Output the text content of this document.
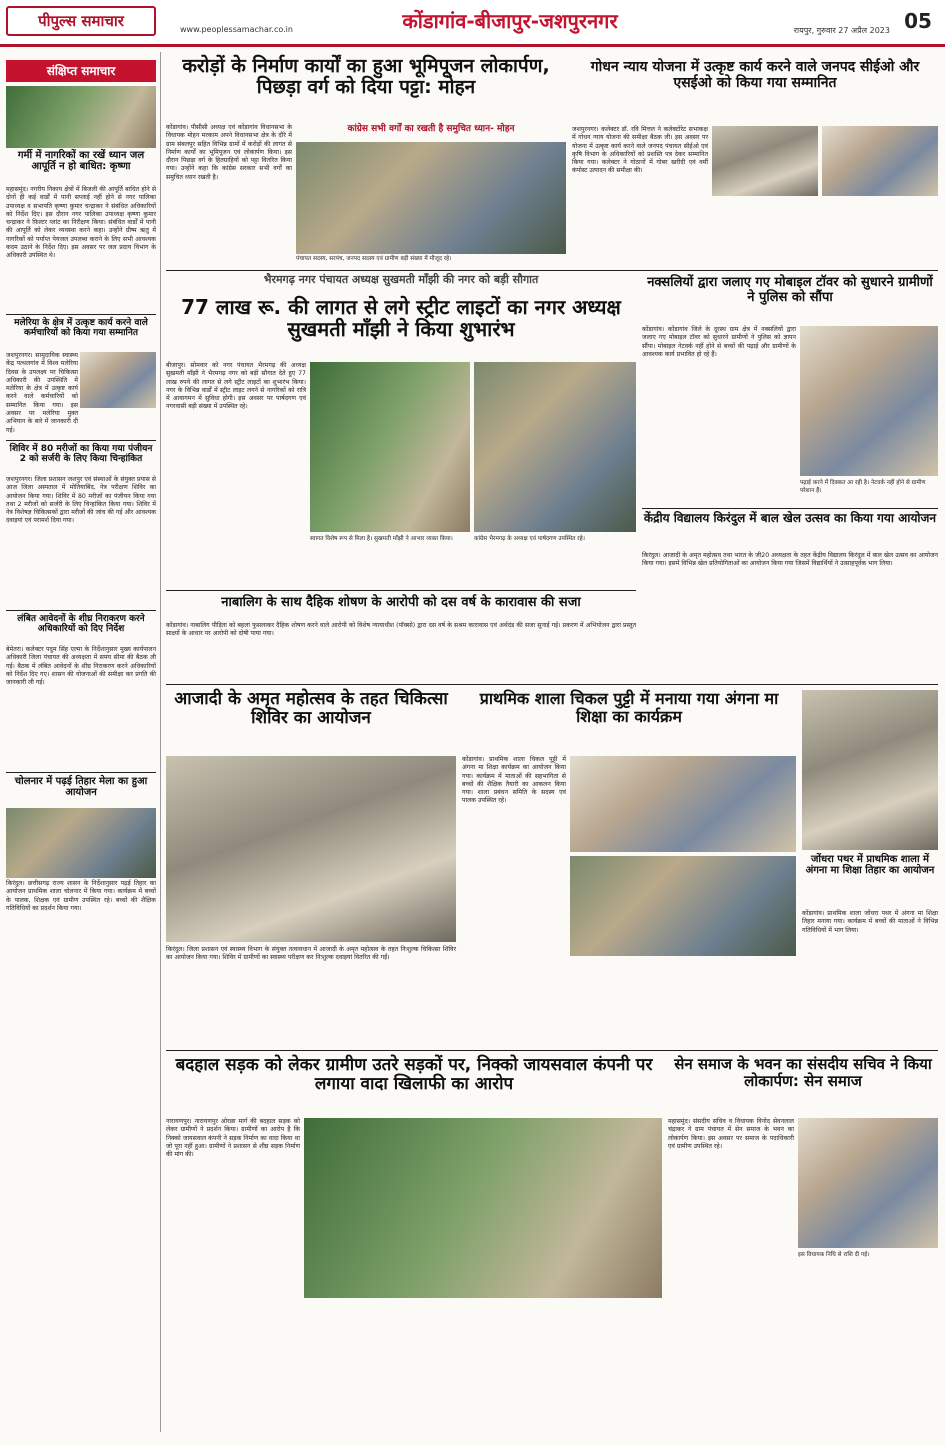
पीपुल्स समाचार	www.peoplessamachar.co.in	कोंडागांव-बीजापुर-जशपुरनगर	रायपुर, गुरुवार 27 अप्रैल 2023 05
संक्षिप्त समाचार
गर्मी में नागरिकों का रखें ध्यान जल आपूर्ति न हो बाधित: कृष्णा
महासमुंद। नगरीय निकाय क्षेत्रों में बिजली की आपूर्ति बाधित होने से दोनों ही कई वार्डों में पानी सप्लाई नहीं होने से नगर पालिका उपाध्यक्ष व सभापति कृष्णा कुमार चन्द्राकर ने संबंधित अधिकारियों को निर्देश दिए। इस दौरान नगर पालिका उपाध्यक्ष कृष्णा कुमार चन्द्राकर ने फ़िल्टर प्लांट का निरीक्षण किया। संबंधित वार्डों में पानी की आपूर्ति को लेकर व्यवस्था करने कहा। उन्होंने ग्रीष्म ऋतु में नागरिकों को पर्याप्त पेयजल उपलब्ध कराने के लिए सभी आवश्यक कदम उठाने के निर्देश दिए। इस अवसर पर जल प्रदाय विभाग के अधिकारी उपस्थित थे।
मलेरिया के क्षेत्र में उत्कृष्ट कार्य करने वाले कर्मचारियों को किया गया सम्मानित
जशपुरनगर। सामुदायिक स्वास्थ्य केंद्र पत्थलगांव में विश्व मलेरिया दिवस के उपलक्ष्य पर चिकित्सा अधिकारी की उपस्थिति में मलेरिया के क्षेत्र में उत्कृष्ट कार्य करने वाले कर्मचारियों को सम्मानित किया गया। इस अवसर पर मलेरिया मुक्त अभियान के बारे में जानकारी दी गई।
शिविर में 80 मरीजों का किया गया पंजीयन 2 को सर्जरी के लिए किया चिन्हांकित
जशपुरनगर। जिला प्रशासन जशपुर एवं संस्थाओं के संयुक्त प्रयास से आज जिला अस्पताल में मोतियाबिंद, नेत्र परीक्षण शिविर का आयोजन किया गया। शिविर में 80 मरीजों का पंजीयन किया गया तथा 2 मरीजों को सर्जरी के लिए चिन्हांकित किया गया। शिविर में नेत्र विशेषज्ञ चिकित्सकों द्वारा मरीजों की जांच की गई और आवश्यक दवाइयां एवं परामर्श दिया गया।
लंबित आवेदनों के शीघ्र निराकरण करने अधिकारियों को दिए निर्देश
बेमेतरा। कलेक्टर पदुम सिंह एल्मा के निर्देशानुसार मुख्य कार्यपालन अधिकारी जिला पंचायत की अध्यक्षता में समय सीमा की बैठक ली गई। बैठक में लंबित आवेदनों के शीघ्र निराकरण करने अधिकारियों को निर्देश दिए गए। शासन की योजनाओं की समीक्षा कर प्रगति की जानकारी ली गई।
चोलनार में पढ़ई तिहार मेला का हुआ आयोजन
किरंदुल। छत्तीसगढ़ राज्य शासन के निर्देशानुसार पढ़ई तिहार का आयोजन प्राथमिक शाला चोलनार में किया गया। कार्यक्रम में बच्चों के पालक, शिक्षक एवं ग्रामीण उपस्थित रहे। बच्चों की शैक्षिक गतिविधियों का प्रदर्शन किया गया।
करोड़ों के निर्माण कार्यों का हुआ भूमिपूजन लोकार्पण, पिछड़ा वर्ग को दिया पट्टा: मोहन
कांग्रेस सभी वर्गों का रखती है समुचित ध्यान- मोहन
कोंडागांव। पीसीसी अध्यक्ष एवं कोंडागांव विधानसभा के विधायक मोहन मरकाम अपने विधानसभा क्षेत्र के दौरे में ग्राम संबलपुर सहित विभिन्न ग्रामों में करोड़ों की लागत से निर्माण कार्यों का भूमिपूजन एवं लोकार्पण किया। इस दौरान पिछड़ा वर्ग के हितग्राहियों को पट्टा वितरित किया गया। उन्होंने कहा कि कांग्रेस सरकार सभी वर्गों का समुचित ध्यान रखती है।
पंचायत सदस्य, सरपंच, जनपद सदस्य एवं ग्रामीण बड़ी संख्या में मौजूद रहे।
गोधन न्याय योजना में उत्कृष्ट कार्य करने वाले जनपद सीईओ और एसईओ को किया गया सम्मानित
जशपुरनगर। कलेक्टर डॉ. रवि मित्तल ने कलेक्टोरेट सभाकक्ष में गोधन न्याय योजना की समीक्षा बैठक ली। इस अवसर पर योजना में उत्कृष्ट कार्य करने वाले जनपद पंचायत सीईओ एवं कृषि विभाग के अधिकारियों को प्रशस्ति पत्र देकर सम्मानित किया गया। कलेक्टर ने गोठानों में गोबर खरीदी एवं वर्मी कंपोस्ट उत्पादन की समीक्षा की।
भैरमगढ़ नगर पंचायत अध्यक्ष सुखमती माँझी की नगर को बड़ी सौगात
77 लाख रू. की लागत से लगे स्ट्रीट लाइटों का नगर अध्यक्ष सुखमती माँझी ने किया शुभारंभ
बीजापुर। सोमवार को नगर पंचायत भैरमगढ़ की अध्यक्ष सुखमती माँझी ने भैरमगढ़ नगर को बड़ी सौगात देते हुए 77 लाख रुपये की लागत से लगे स्ट्रीट लाइटों का शुभारंभ किया। नगर के विभिन्न वार्डों में स्ट्रीट लाइट लगने से नागरिकों को रात्रि में आवागमन में सुविधा होगी। इस अवसर पर पार्षदगण एवं नगरवासी बड़ी संख्या में उपस्थित रहे।
स्वागत विशेष रूप से मिला है। सुखमती माँझी ने आभार व्यक्त किया।	कांग्रेस भैरमगढ़ के अध्यक्ष एवं पार्षदगण उपस्थित रहे।
नक्सलियों द्वारा जलाए गए मोबाइल टॉवर को सुधारने ग्रामीणों ने पुलिस को सौंपा
कोंडागांव। कोंडागांव जिले के दूरस्थ ग्राम क्षेत्र में नक्सलियों द्वारा जलाए गए मोबाइल टॉवर को सुधारने ग्रामीणों ने पुलिस को ज्ञापन सौंपा। मोबाइल नेटवर्क नहीं होने से बच्चों की पढ़ाई और ग्रामीणों के आवश्यक कार्य प्रभावित हो रहे हैं।
पढ़ाई करने में दिक्कत आ रही है। नेटवर्क नहीं होने से ग्रामीण परेशान हैं।
केंद्रीय विद्यालय किरंदुल में बाल खेल उत्सव का किया गया आयोजन
किरंदुल। आजादी के अमृत महोत्सव तथा भारत के जी20 अध्यक्षता के तहत केंद्रीय विद्यालय किरंदुल में बाल खेल उत्सव का आयोजन किया गया। इसमें विभिन्न खेल प्रतियोगिताओं का आयोजन किया गया जिसमें विद्यार्थियों ने उत्साहपूर्वक भाग लिया।
नाबालिग के साथ दैहिक शोषण के आरोपी को दस वर्ष के कारावास की सजा
कोंडागांव। नाबालिग पीड़िता को बहला फुसलाकर दैहिक शोषण करने वाले आरोपी को विशेष न्यायाधीश (पॉक्सो) द्वारा दस वर्ष के सश्रम कारावास एवं अर्थदंड की सजा सुनाई गई। प्रकरण में अभियोजन द्वारा प्रस्तुत साक्ष्यों के आधार पर आरोपी को दोषी पाया गया।
आजादी के अमृत महोत्सव के तहत चिकित्सा शिविर का आयोजन
किरंदुल। जिला प्रशासन एवं स्वास्थ्य विभाग के संयुक्त तत्वावधान में आजादी के अमृत महोत्सव के तहत निःशुल्क चिकित्सा शिविर का आयोजन किया गया। शिविर में ग्रामीणों का स्वास्थ्य परीक्षण कर निःशुल्क दवाइयां वितरित की गईं।
प्राथमिक शाला चिकल पुट्टी में मनाया गया अंगना मा शिक्षा का कार्यक्रम
कोंडागांव। प्राथमिक शाला चिकल पुट्टी में अंगना मा शिक्षा कार्यक्रम का आयोजन किया गया। कार्यक्रम में माताओं की सहभागिता से बच्चों की शैक्षिक तैयारी का आकलन किया गया। शाला प्रबंधन समिति के सदस्य एवं पालक उपस्थित रहे।
जोंधरा पथर में प्राथमिक शाला में अंगना मा शिक्षा तिहार का आयोजन
कोंडागांव। प्राथमिक शाला जोंधरा पथर में अंगना मा शिक्षा तिहार मनाया गया। कार्यक्रम में बच्चों की माताओं ने विभिन्न गतिविधियों में भाग लिया।
बदहाल सड़क को लेकर ग्रामीण उतरे सड़कों पर, निक्को जायसवाल कंपनी पर लगाया वादा खिलाफी का आरोप
नारायणपुर। नारायणपुर ओरछा मार्ग की बदहाल सड़क को लेकर ग्रामीणों ने प्रदर्शन किया। ग्रामीणों का आरोप है कि निक्को जायसवाल कंपनी ने सड़क निर्माण का वादा किया था जो पूरा नहीं हुआ। ग्रामीणों ने प्रशासन से शीघ्र सड़क निर्माण की मांग की।
सेन समाज के भवन का संसदीय सचिव ने किया लोकार्पण: सेन समाज
महासमुंद। संसदीय सचिव व विधायक विनोद सेवनलाल चंद्राकर ने ग्राम पंचायत में सेन समाज के भवन का लोकार्पण किया। इस अवसर पर समाज के पदाधिकारी एवं ग्रामीण उपस्थित रहे।
इस विधायक निधि से राशि दी गई।
